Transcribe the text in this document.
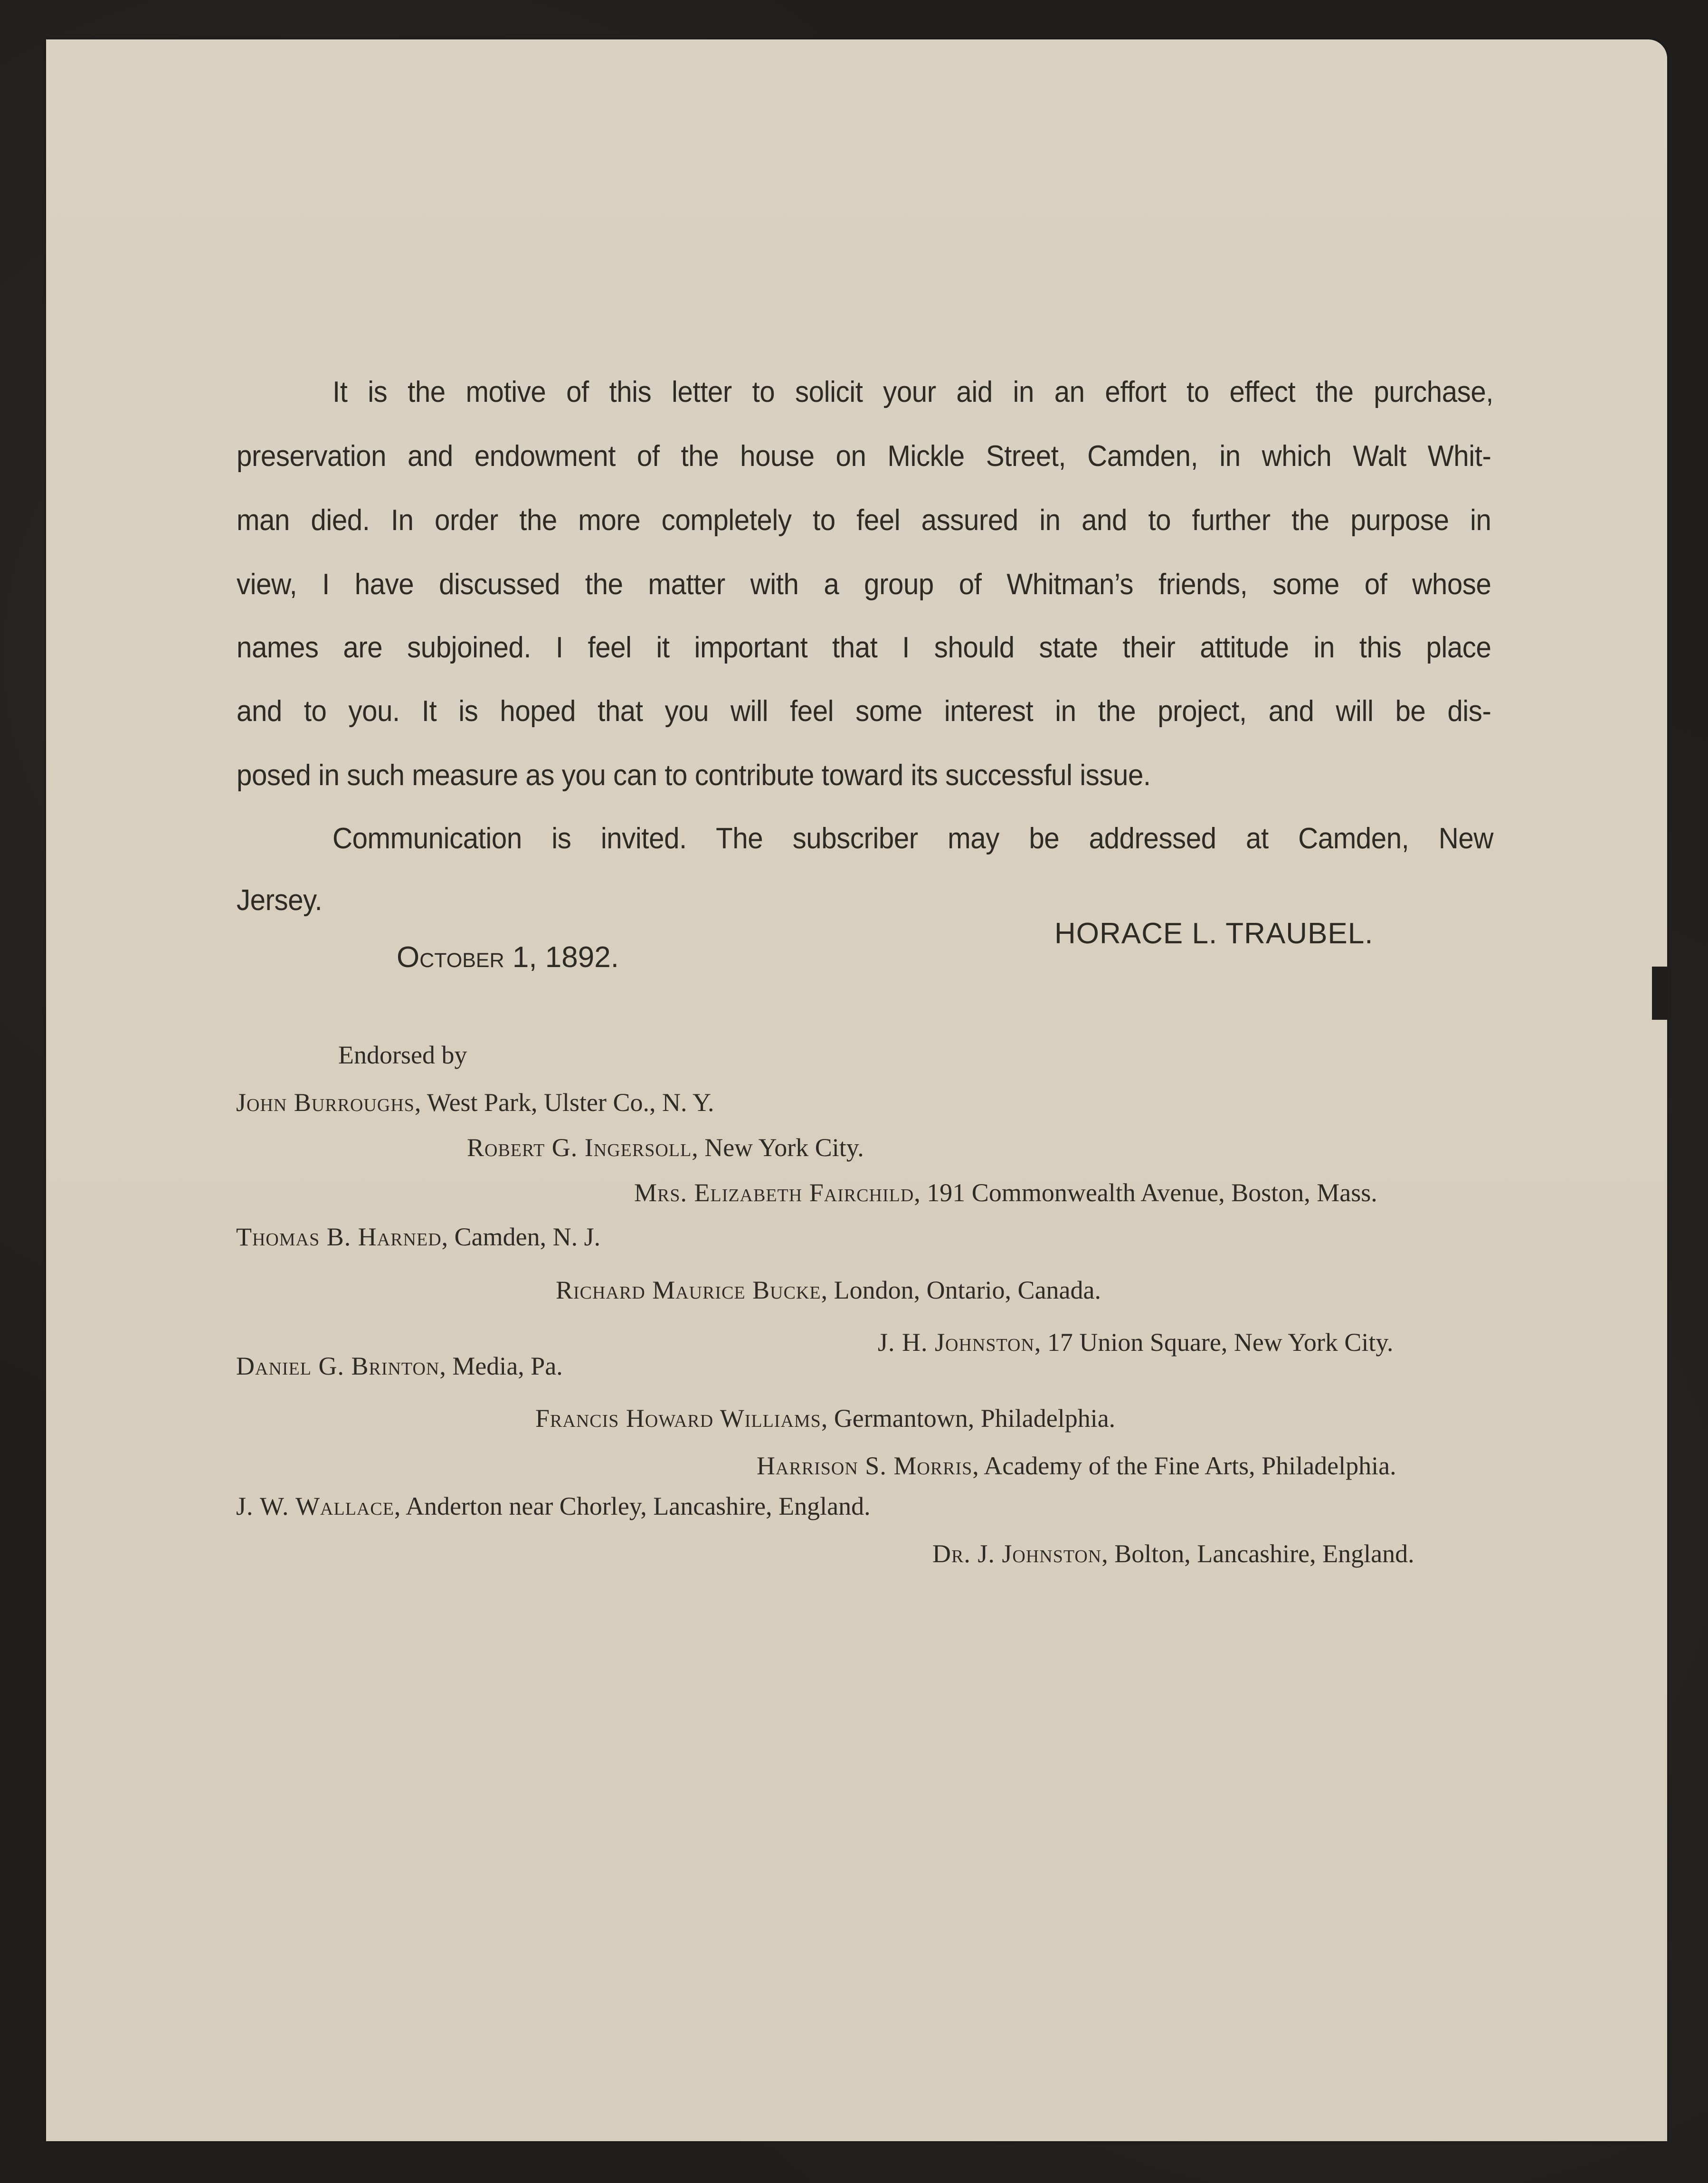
It is the motive of this letter to solicit your aid in an effort to effect the purchase,
preservation and endowment of the house on Mickle Street, Camden, in which Walt Whit-
man died. In order the more completely to feel assured in and to further the purpose in
view, I have discussed the matter with a group of Whitman’s friends, some of whose
names are subjoined. I feel it important that I should state their attitude in this place
and to you. It is hoped that you will feel some interest in the project, and will be dis-
posed in such measure as you can to contribute toward its successful issue.
Communication is invited. The subscriber may be addressed at Camden, New
Jersey.
HORACE L. TRAUBEL.
October 1, 1892.
Endorsed by
John Burroughs, West Park, Ulster Co., N. Y.
Robert G. Ingersoll, New York City.
Mrs. Elizabeth Fairchild, 191 Commonwealth Avenue, Boston, Mass.
Thomas B. Harned, Camden, N. J.
Richard Maurice Bucke, London, Ontario, Canada.
J. H. Johnston, 17 Union Square, New York City.
Daniel G. Brinton, Media, Pa.
Francis Howard Williams, Germantown, Philadelphia.
Harrison S. Morris, Academy of the Fine Arts, Philadelphia.
J. W. Wallace, Anderton near Chorley, Lancashire, England.
Dr. J. Johnston, Bolton, Lancashire, England.
